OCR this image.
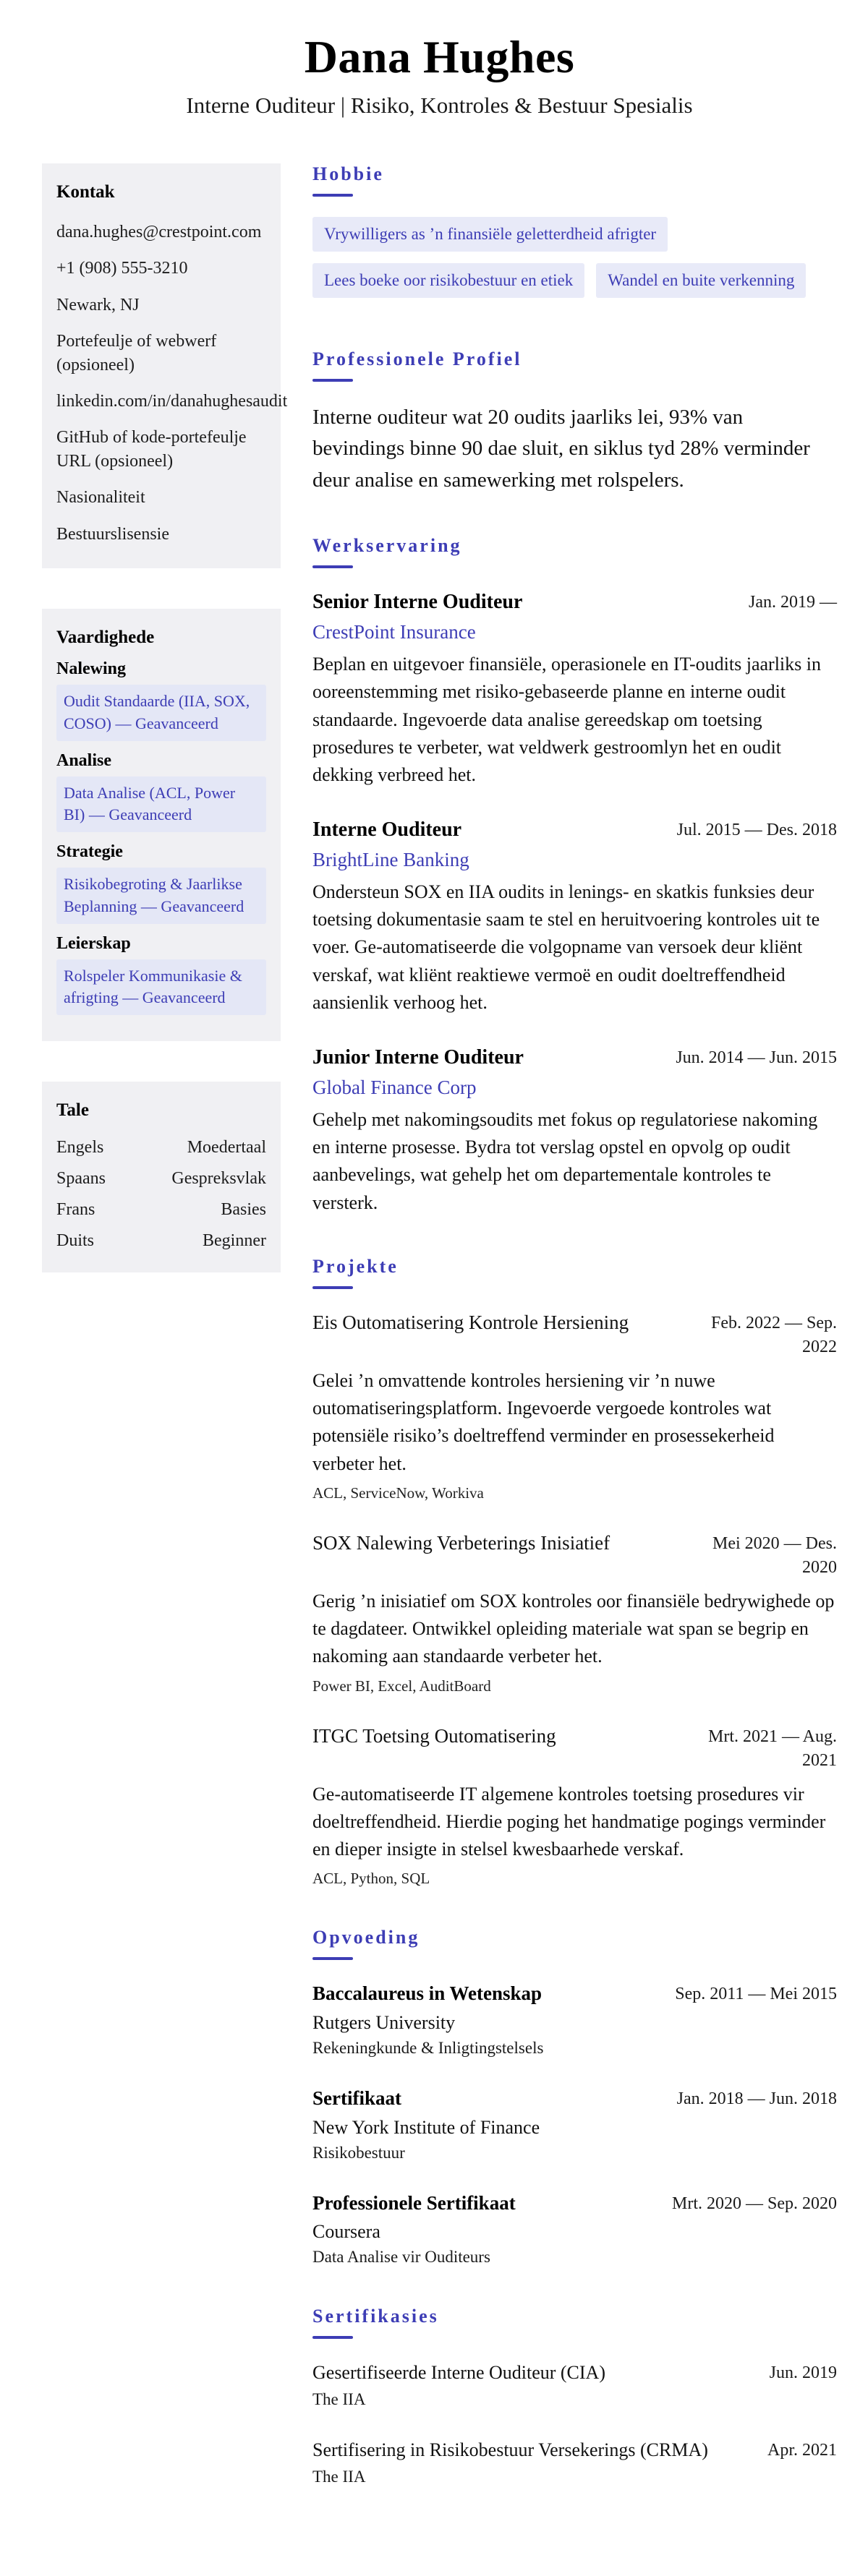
Dana Hughes

Interne Ouditeur | Risiko, Kontroles & Bestuur Spesialis

Kontak
dana.hughes@crestpoint.com
+1 (908) 555-3210
Newark, NJ
Portefeulje of webwerf (opsioneel)
linkedin.com/in/danahughesaudit
GitHub of kode-portefeulje URL (opsioneel)
Nasionaliteit
Bestuurslisensie
Vaardighede
Nalewing
Oudit Standaarde (IIA, SOX, COSO) — Geavanceerd
Analise
Data Analise (ACL, Power BI) — Geavanceerd
Strategie
Risikobegroting & Jaarlikse Beplanning — Geavanceerd
Leierskap
Rolspeler Kommunikasie & afrigting — Geavanceerd
Tale
Engels	Moedertaal
Spaans	Gespreksvlak
Frans	Basies
Duits	Beginner
Hobbie
Vrywilligers as ’n finansiële geletterdheid afrigter
Lees boeke oor risikobestuur en etiek Wandel en buite verkenning
Professionele Profiel

Interne ouditeur wat 20 oudits jaarliks lei, 93% van bevindings binne 90 dae sluit, en siklus tyd 28% verminder deur analise en samewerking met rolspelers.

Werkservaring
Senior Interne Ouditeur	Jan. 2019 —
CrestPoint Insurance

Beplan en uitgevoer finansiële, operasionele en IT-oudits jaarliks in ooreenstemming met risiko-gebaseerde planne en interne oudit standaarde. Ingevoerde data analise gereedskap om toetsing prosedures te verbeter, wat veldwerk gestroomlyn het en oudit dekking verbreed het.

Interne Ouditeur	Jul. 2015 — Des. 2018
BrightLine Banking

Ondersteun SOX en IIA oudits in lenings- en skatkis funksies deur toetsing dokumentasie saam te stel en heruitvoering kontroles uit te voer. Ge-automatiseerde die volgopname van versoek deur kliënt verskaf, wat kliënt reaktiewe vermoë en oudit doeltreffendheid aansienlik verhoog het.

Junior Interne Ouditeur	Jun. 2014 — Jun. 2015
Global Finance Corp

Gehelp met nakomingsoudits met fokus op regulatoriese nakoming en interne prosesse. Bydra tot verslag opstel en opvolg op oudit aanbevelings, wat gehelp het om departementale kontroles te versterk.

Projekte
Eis Outomatisering Kontrole Hersiening	Feb. 2022 — Sep. 2022

Gelei ’n omvattende kontroles hersiening vir ’n nuwe outomatiseringsplatform. Ingevoerde vergoede kontroles wat potensiële risiko’s doeltreffend verminder en prosessekerheid verbeter het.

ACL, ServiceNow, Workiva
SOX Nalewing Verbeterings Inisiatief	Mei 2020 — Des. 2020

Gerig ’n inisiatief om SOX kontroles oor finansiële bedrywighede op te dagdateer. Ontwikkel opleiding materiale wat span se begrip en nakoming aan standaarde verbeter het.

Power BI, Excel, AuditBoard
ITGC Toetsing Outomatisering	Mrt. 2021 — Aug. 2021

Ge-automatiseerde IT algemene kontroles toetsing prosedures vir doeltreffendheid. Hierdie poging het handmatige pogings verminder en dieper insigte in stelsel kwesbaarhede verskaf.

ACL, Python, SQL
Opvoeding
Baccalaureus in Wetenskap	Sep. 2011 — Mei 2015
Rutgers University
Rekeningkunde & Inligtingstelsels
Sertifikaat	Jan. 2018 — Jun. 2018
New York Institute of Finance
Risikobestuur
Professionele Sertifikaat	Mrt. 2020 — Sep. 2020
Coursera
Data Analise vir Ouditeurs
Sertifikasies
Gesertifiseerde Interne Ouditeur (CIA)	Jun. 2019
The IIA
Sertifisering in Risikobestuur Versekerings (CRMA)	Apr. 2021
The IIA
